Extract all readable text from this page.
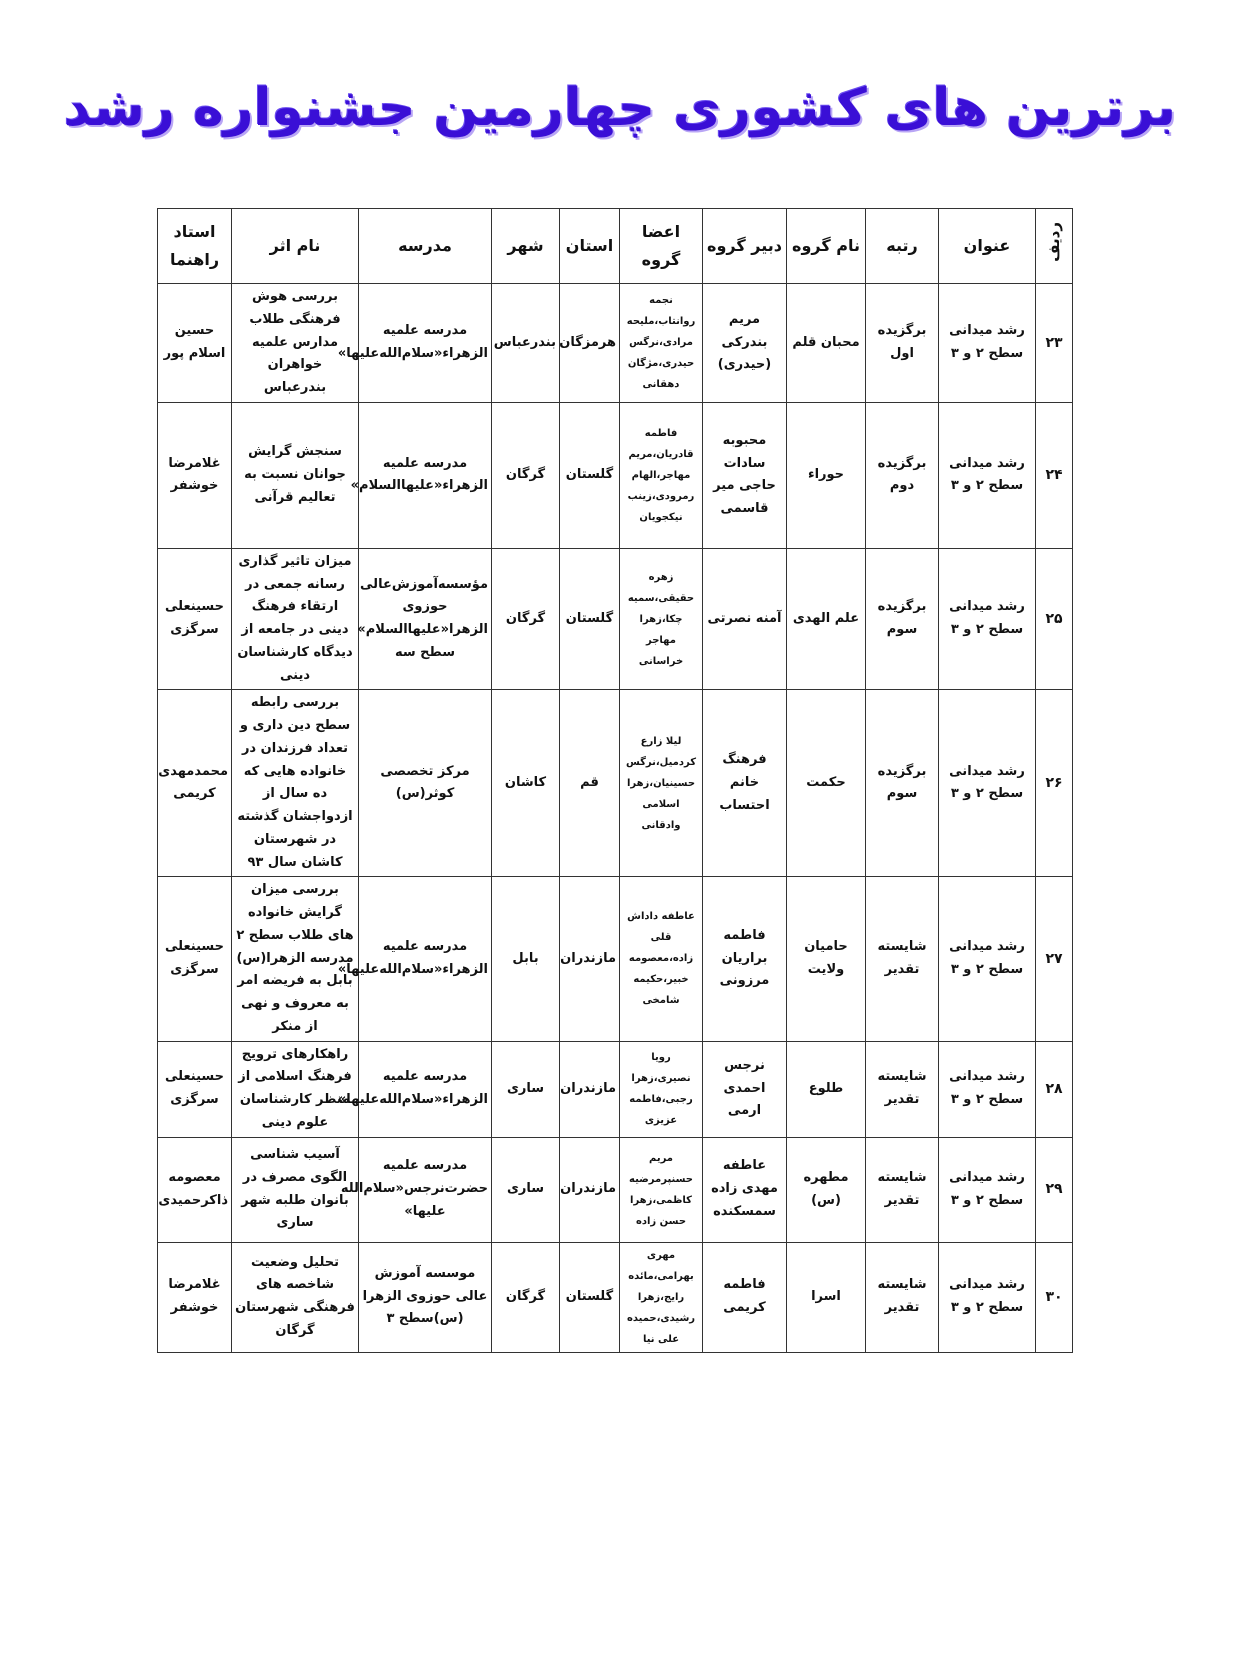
برترین های کشوری چهارمین جشنواره رشد
ردیف	عنوان	رتبه	نام گروه	دبیر گروه	اعضا گروه	استان	شهر	مدرسه	نام اثر	استاد راهنما
۲۳	رشد میدانی سطح ۲ و ۳	برگزیده اول	محبان قلم	مریم بندرکی (حیدری)	نجمه روانتاب،ملیحه مرادی،نرگس حیدری،مژگان دهقانی	هرمزگان	بندرعباس	مدرسه علمیه الزهراء«سلام‌الله‌علیها»	بررسی هوش فرهنگی طلاب مدارس علمیه خواهران بندرعباس	حسین اسلام پور
۲۴	رشد میدانی سطح ۲ و ۳	برگزیده دوم	حوراء	محبوبه سادات حاجی میر قاسمی	فاطمه قادریان،مریم مهاجر،الهام رمرودی،زینب نیکجویان	گلستان	گرگان	مدرسه علمیه الزهراء«علیهاالسلام»	سنجش گرایش جوانان نسبت به تعالیم قرآنی	غلامرضا خوشفر
۲۵	رشد میدانی سطح ۲ و ۳	برگزیده سوم	علم الهدی	آمنه نصرتی	زهره حقیقی،سمیه چکا،زهرا مهاجر خراسانی	گلستان	گرگان	مؤسسه‌آموزش‌عالی حوزوی الزهرا«علیهاالسلام» سطح سه	میزان تاثیر گذاری رسانه جمعی در ارتقاء فرهنگ دینی در جامعه از دیدگاه کارشناسان دینی	حسینعلی سرگزی
۲۶	رشد میدانی سطح ۲ و ۳	برگزیده سوم	حکمت	فرهنگ خانم احتساب	لیلا زارع کردمیل،نرگس حسینیان،زهرا اسلامی وادقانی	قم	کاشان	مرکز تخصصی کوثر(س)	بررسی رابطه سطح دین داری و تعداد فرزندان در خانواده هایی که ده سال از ازدواجشان گذشته در شهرستان کاشان سال ۹۳	محمدمهدی کریمی
۲۷	رشد میدانی سطح ۲ و ۳	شایسته تقدیر	حامیان ولایت	فاطمه براریان مرزونی	عاطفه داداش قلی زاده،معصومه خبیر،حکیمه شامخی	مازندران	بابل	مدرسه علمیه الزهراء«سلام‌الله‌علیها»	بررسی میزان گرایش خانواده های طلاب سطح ۲ مدرسه الزهرا(س) بابل به فریضه امر به معروف و نهی از منکر	حسینعلی سرگزی
۲۸	رشد میدانی سطح ۲ و ۳	شایسته تقدیر	طلوع	نرجس احمدی ارمی	رویا نصیری،زهرا رجبی،فاطمه عزیزی	مازندران	ساری	مدرسه علمیه الزهراء«سلام‌الله‌علیها»	راهکارهای ترویج فرهنگ اسلامی از منظر کارشناسان علوم دینی	حسینعلی سرگزی
۲۹	رشد میدانی سطح ۲ و ۳	شایسته تقدیر	مطهره (س)	عاطفه مهدی زاده سمسکنده	مریم حسنپرمرضیه کاظمی،زهرا حسن زاده	مازندران	ساری	مدرسه علمیه حضرت‌نرجس«سلام‌الله علیها»	آسیب شناسی الگوی مصرف در بانوان طلبه شهر ساری	معصومه ذاکرحمیدی
۳۰	رشد میدانی سطح ۲ و ۳	شایسته تقدیر	اسرا	فاطمه کریمی	مهری بهرامی،مائده رایج،زهرا رشیدی،حمیده علی نیا	گلستان	گرگان	موسسه آموزش عالی حوزوی الزهرا (س)سطح ۳	تحلیل وضعیت شاخصه های فرهنگی شهرستان گرگان	غلامرضا خوشفر
